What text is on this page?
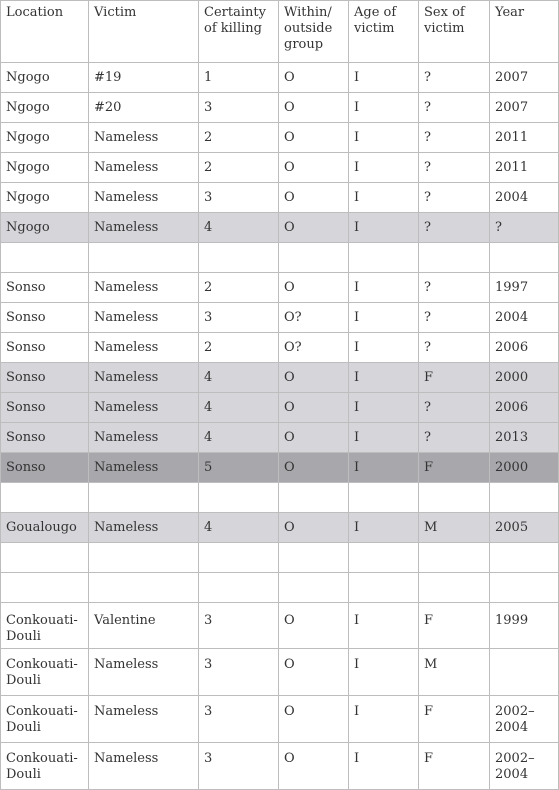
Location	Victim	Certainty of killing	Within/ outside group	Age of victim	Sex of victim	Year
Ngogo	#19	1	O	I	?	2007
Ngogo	#20	3	O	I	?	2007
Ngogo	Nameless	2	O	I	?	2011
Ngogo	Nameless	2	O	I	?	2011
Ngogo	Nameless	3	O	I	?	2004
Ngogo	Nameless	4	O	I	?	?

Sonso	Nameless	2	O	I	?	1997
Sonso	Nameless	3	O?	I	?	2004
Sonso	Nameless	2	O?	I	?	2006
Sonso	Nameless	4	O	I	F	2000
Sonso	Nameless	4	O	I	?	2006
Sonso	Nameless	4	O	I	?	2013
Sonso	Nameless	5	O	I	F	2000

Goualougo	Nameless	4	O	I	M	2005

Conkouati-Douli	Valentine	3	O	I	F	1999
Conkouati-Douli	Nameless	3	O	I	M	
Conkouati-Douli	Nameless	3	O	I	F	2002–2004
Conkouati-Douli	Nameless	3	O	I	F	2002–2004
